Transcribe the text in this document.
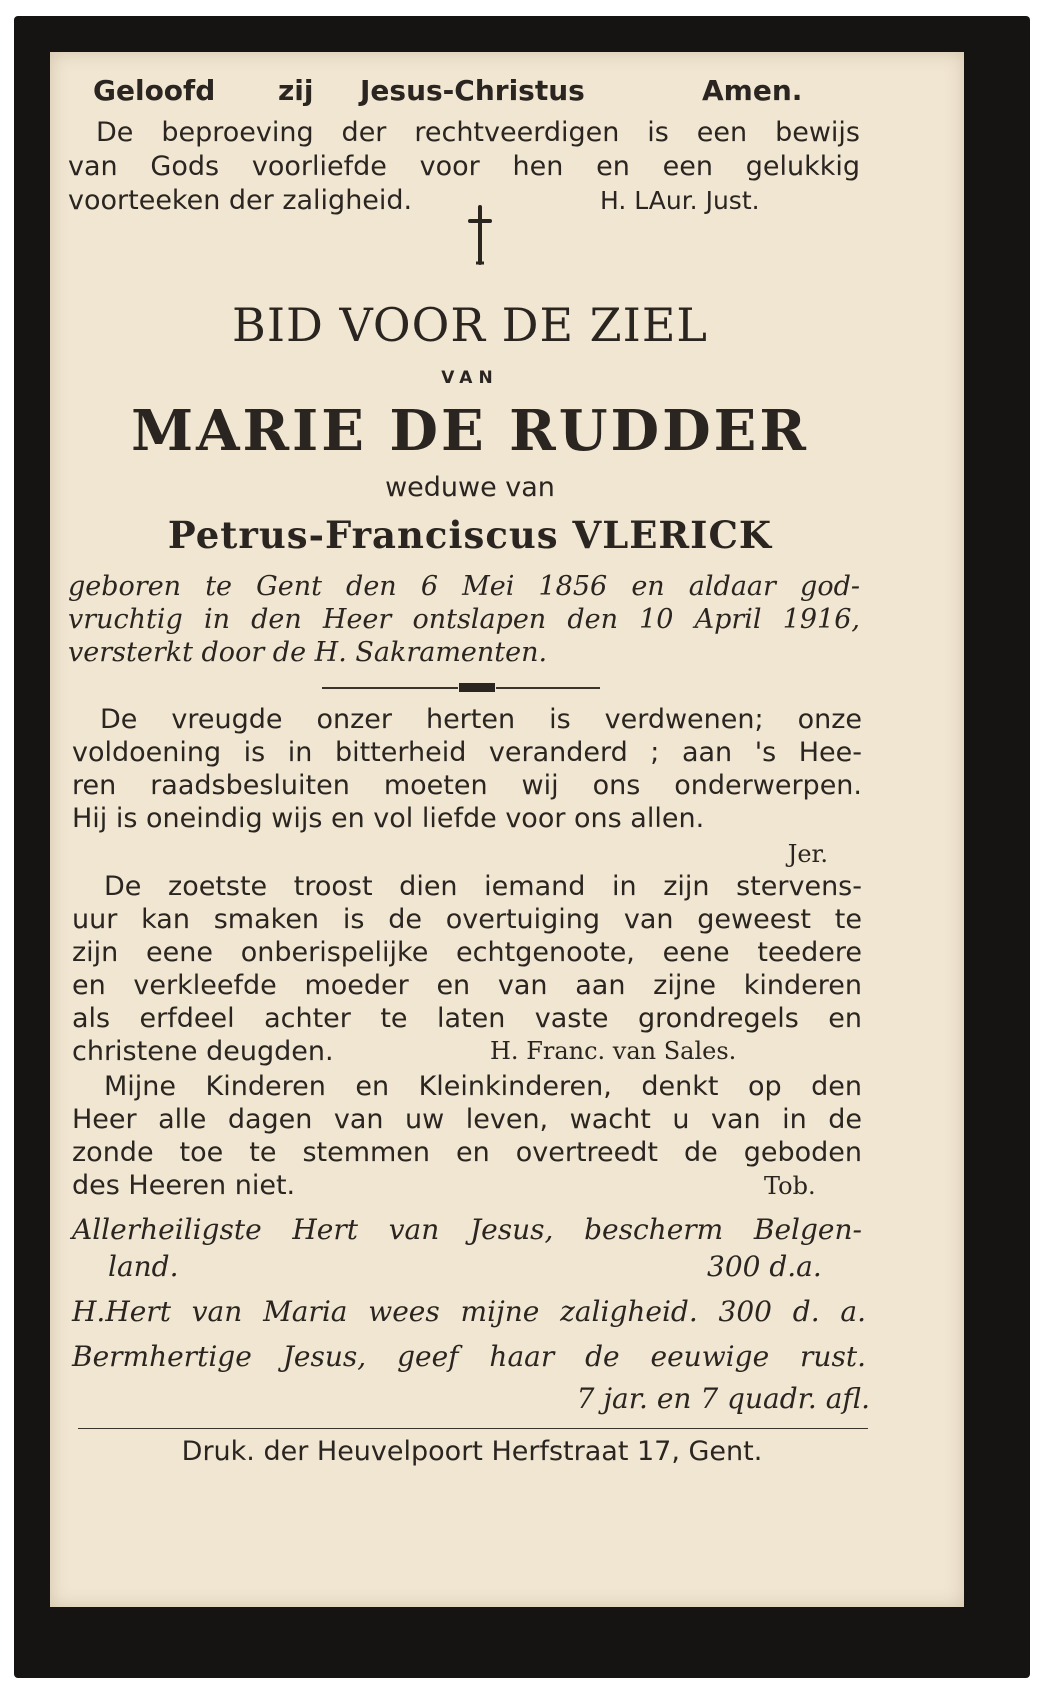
Geloofd zij Jesus-Christus	Amen.
De beproeving der rechtveerdigen is een bewijs
van Gods voorliefde voor hen en een gelukkig
voorteeken der zaligheid.	H. LAur. Just.
BID VOOR DE ZIEL
VAN
MARIE DE RUDDER
weduwe van
Petrus-Franciscus VLERICK
geboren te Gent den 6 Mei 1856 en aldaar god-
vruchtig in den Heer ontslapen den 10 April 1916,
versterkt door de H. Sakramenten.
De vreugde onzer herten is verdwenen; onze
voldoening is in bitterheid veranderd ; aan 's Hee-
ren raadsbesluiten moeten wij ons onderwerpen.
Hij is oneindig wijs en vol liefde voor ons allen.
Jer.
De zoetste troost dien iemand in zijn stervens-
uur kan smaken is de overtuiging van geweest te
zijn eene onberispelijke echtgenoote, eene teedere
en verkleefde moeder en van aan zijne kinderen
als erfdeel achter te laten vaste grondregels en
christene deugden.	H. Franc. van Sales.
Mijne Kinderen en Kleinkinderen, denkt op den
Heer alle dagen van uw leven, wacht u van in de
zonde toe te stemmen en overtreedt de geboden
des Heeren niet.	Tob.
Allerheiligste Hert van Jesus, bescherm Belgen-
land.	300 d.a.
H.Hert van Maria wees mijne zaligheid. 300 d. a.
Bermhertige Jesus, geef haar de eeuwige rust.
7 jar. en 7 quadr. afl.
Druk. der Heuvelpoort Herfstraat 17, Gent.
